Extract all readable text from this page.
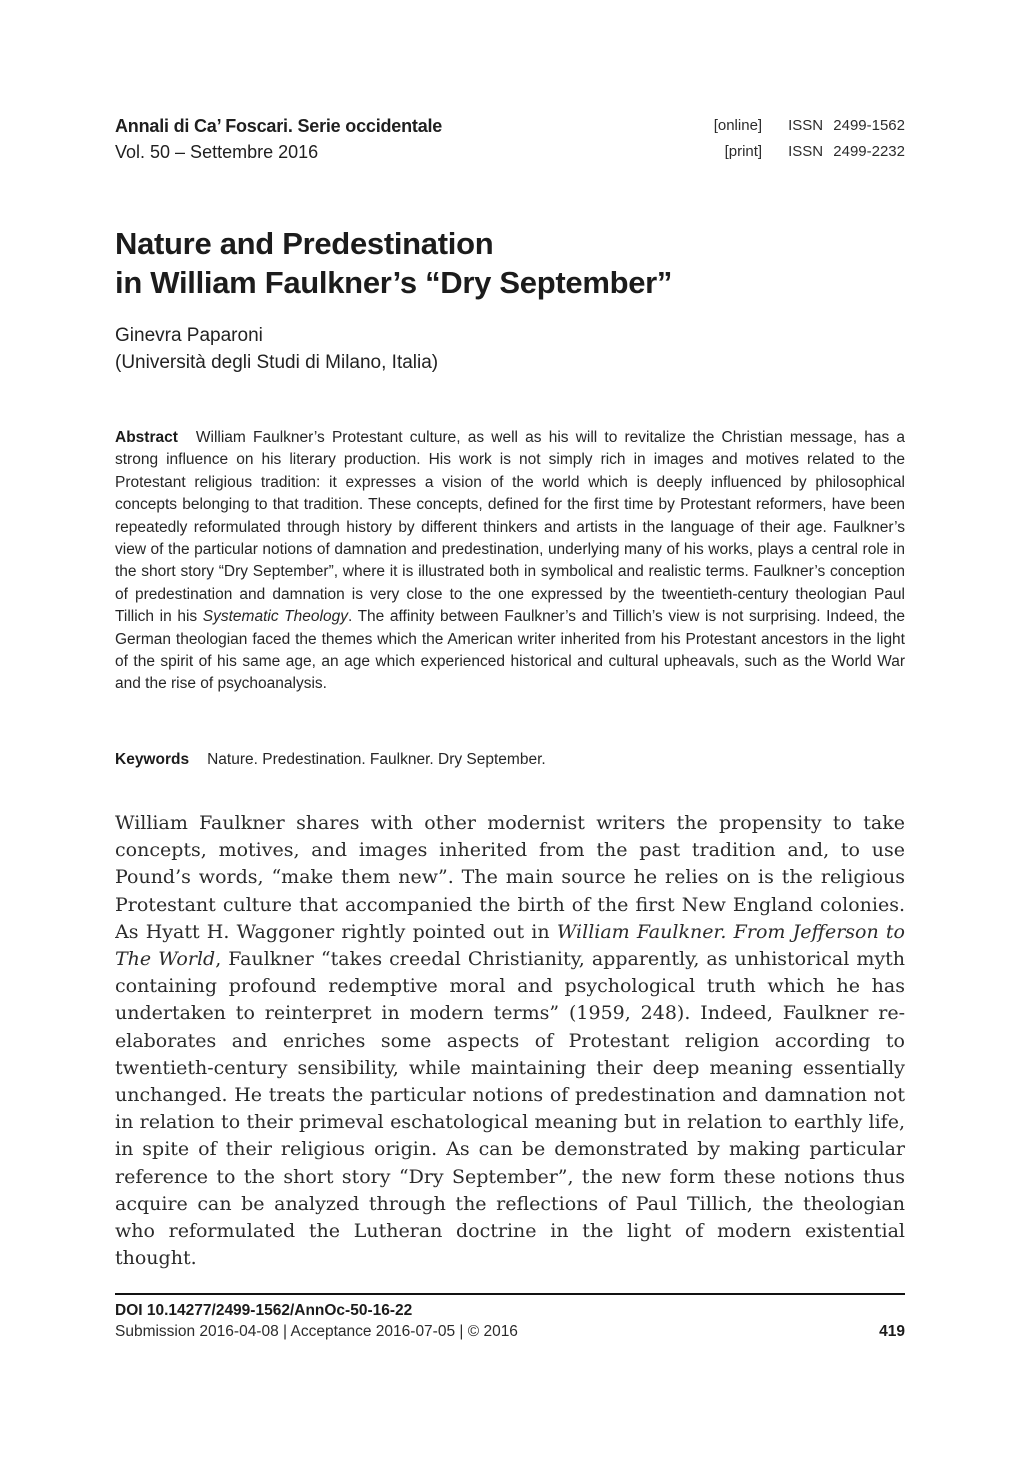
Annali di Ca’ Foscari. Serie occidentale
Vol. 50 – Settembre 2016
[online] ISSN 2499-1562
[print] ISSN 2499-2232
Nature and Predestination
in William Faulkner’s “Dry September”
Ginevra Paparoni
(Università degli Studi di Milano, Italia)

Abstract William Faulkner’s Protestant culture, as well as his will to revitalize the Christian message, has a strong influence on his literary production. His work is not simply rich in images and motives related to the Protestant religious tradition: it expresses a vision of the world which is deeply influenced by philosophical concepts belonging to that tradition. These concepts, defined for the first time by Protestant reformers, have been repeatedly reformulated through history by different thinkers and artists in the language of their age. Faulkner’s view of the particular notions of damnation and predestination, underlying many of his works, plays a central role in the short story “Dry September”, where it is illustrated both in symbolical and realistic terms. Faulkner’s conception of predestination and damnation is very close to the one expressed by the tweentieth-century theologian Paul Tillich in his Systematic Theology. The affinity between Faulkner’s and Tillich’s view is not surprising. Indeed, the German theologian faced the themes which the American writer inherited from his Protestant ancestors in the light of the spirit of his same age, an age which experienced historical and cultural upheavals, such as the World War and the rise of psychoanalysis.

Keywords Nature. Predestination. Faulkner. Dry September.

William Faulkner shares with other modernist writers the propensity to take concepts, motives, and images inherited from the past tradition and, to use Pound’s words, “make them new”. The main source he relies on is the religious Protestant culture that accompanied the birth of the first New England colonies. As Hyatt H. Waggoner rightly pointed out in William Faulkner. From Jefferson to The World, Faulkner “takes creedal Christianity, apparently, as unhistorical myth containing profound redemptive moral and psychological truth which he has undertaken to reinterpret in modern terms” (1959, 248). Indeed, Faulkner re-elaborates and enriches some aspects of Protestant religion according to twentieth-century sensibility, while maintaining their deep meaning essentially unchanged. He treats the particular notions of predestination and damnation not in relation to their primeval eschatological meaning but in relation to earthly life, in spite of their religious origin. As can be demonstrated by making particular reference to the short story “Dry September”, the new form these notions thus acquire can be analyzed through the reflections of Paul Tillich, the theologian who reformulated the Lutheran doctrine in the light of modern existential thought.

DOI 10.14277/2499-1562/AnnOc-50-16-22
Submission 2016-04-08 | Acceptance 2016-07-05 | © 2016	419
